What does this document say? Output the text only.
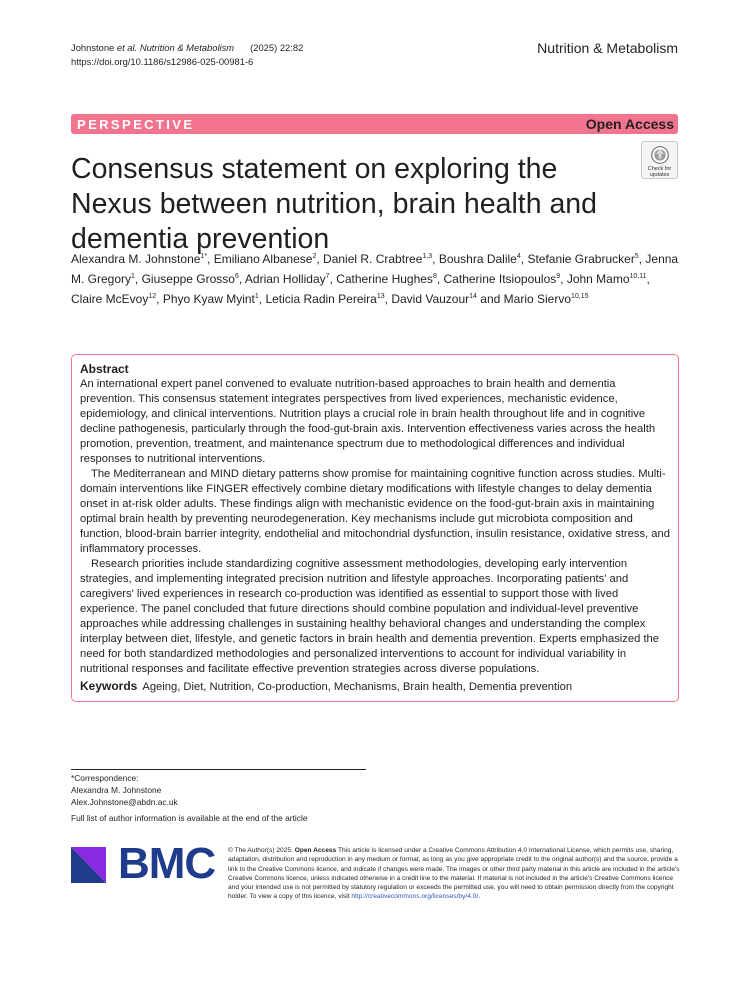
Johnstone et al. Nutrition & Metabolism (2025) 22:82
https://doi.org/10.1186/s12986-025-00981-6
Nutrition & Metabolism
PERSPECTIVE	Open Access
Check for
updates
Consensus statement on exploring the Nexus between nutrition, brain health and dementia prevention
Alexandra M. Johnstone$^{1*}$, Emiliano Albanese$^2$, Daniel R. Crabtree$^{1,3}$, Boushra Dalile$^4$, Stefanie Grabrucker$^5$, Jenna M. Gregory$^1$, Giuseppe Grosso$^6$, Adrian Holliday$^7$, Catherine Hughes$^8$, Catherine Itsiopoulos$^9$, John Mamo$^{10,11}$, Claire McEvoy$^{12}$, Phyo Kyaw Myint$^1$, Leticia Radin Pereira$^{13}$, David Vauzour$^{14}$ and Mario Siervo$^{10,15}$
Abstract

An international expert panel convened to evaluate nutrition-based approaches to brain health and dementia prevention. This consensus statement integrates perspectives from lived experiences, mechanistic evidence, epidemiology, and clinical interventions. Nutrition plays a crucial role in brain health throughout life and in cognitive decline pathogenesis, particularly through the food-gut-brain axis. Intervention effectiveness varies across the health promotion, prevention, treatment, and maintenance spectrum due to methodological differences and individual responses to nutritional interventions.

The Mediterranean and MIND dietary patterns show promise for maintaining cognitive function across studies. Multi-domain interventions like FINGER effectively combine dietary modifications with lifestyle changes to delay dementia onset in at-risk older adults. These findings align with mechanistic evidence on the food-gut-brain axis in maintaining optimal brain health by preventing neurodegeneration. Key mechanisms include gut microbiota composition and function, blood-brain barrier integrity, endothelial and mitochondrial dysfunction, insulin resistance, oxidative stress, and inflammatory processes.

Research priorities include standardizing cognitive assessment methodologies, developing early intervention strategies, and implementing integrated precision nutrition and lifestyle approaches. Incorporating patients' and caregivers' lived experiences in research co-production was identified as essential to support those with lived experience. The panel concluded that future directions should combine population and individual-level preventive approaches while addressing challenges in sustaining healthy behavioral changes and understanding the complex interplay between diet, lifestyle, and genetic factors in brain health and dementia prevention. Experts emphasized the need for both standardized methodologies and personalized interventions to account for individual variability in nutritional responses and facilitate effective prevention strategies across diverse populations.

Keywords Ageing, Diet, Nutrition, Co-production, Mechanisms, Brain health, Dementia prevention
*Correspondence:
Alexandra M. Johnstone
Alex.Johnstone@abdn.ac.uk
Full list of author information is available at the end of the article
BMC © The Author(s) 2025. Open Access This article is licensed under a Creative Commons Attribution 4.0 International License, which permits use, sharing, adaptation, distribution and reproduction in any medium or format, as long as you give appropriate credit to the original author(s) and the source, provide a link to the Creative Commons licence, and indicate if changes were made. The images or other third party material in this article are included in the article's Creative Commons licence, unless indicated otherwise in a credit line to the material. If material is not included in the article's Creative Commons licence and your intended use is not permitted by statutory regulation or exceeds the permitted use, you will need to obtain permission directly from the copyright holder. To view a copy of this licence, visit http://creativecommons.org/licenses/by/4.0/.
